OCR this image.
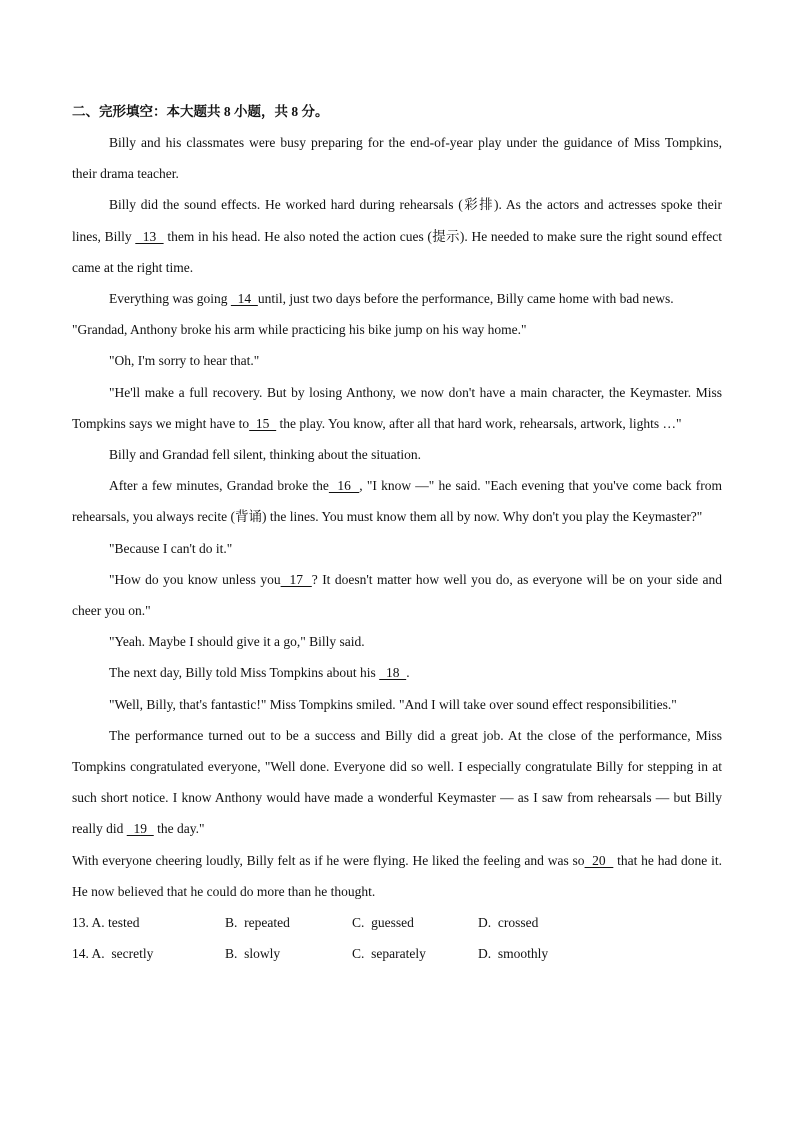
二、完形填空：本大题共 8 小题，共 8 分。

Billy and his classmates were busy preparing for the end-of-year play under the guidance of Miss Tompkins, their drama teacher.

Billy did the sound effects. He worked hard during rehearsals (彩排). As the actors and actresses spoke their lines, Billy   13   them in his head. He also noted the action cues (提示). He needed to make sure the right sound effect came at the right time.

Everything was going   14  until, just two days before the performance, Billy came home with bad news.

"Grandad, Anthony broke his arm while practicing his bike jump on his way home."

"Oh, I'm sorry to hear that."

"He'll make a full recovery. But by losing Anthony, we now don't have a main character, the Keymaster. Miss Tompkins says we might have to  15   the play. You know, after all that hard work, rehearsals, artwork, lights …"

Billy and Grandad fell silent, thinking about the situation.

After a few minutes, Grandad broke the  16  , "I know —" he said. "Each evening that you've come back from rehearsals, you always recite (背诵) the lines. You must know them all by now. Why don't you play the Keymaster?"

"Because I can't do it."

"How do you know unless you  17  ? It doesn't matter how well you do, as everyone will be on your side and cheer you on."

"Yeah. Maybe I should give it a go," Billy said.

The next day, Billy told Miss Tompkins about his   18  .

"Well, Billy, that's fantastic!" Miss Tompkins smiled. "And I will take over sound effect responsibilities."

The performance turned out to be a success and Billy did a great job. At the close of the performance, Miss Tompkins congratulated everyone, "Well done. Everyone did so well. I especially congratulate Billy for stepping in at such short notice. I know Anthony would have made a wonderful Keymaster — as I saw from rehearsals — but Billy really did   19   the day."

With everyone cheering loudly, Billy felt as if he were flying. He liked the feeling and was so  20   that he had done it. He now believed that he could do more than he thought.

13. A. tested	B.  repeated	C.  guessed	D.  crossed
14. A.  secretly	B.  slowly	C.  separately	D.  smoothly
